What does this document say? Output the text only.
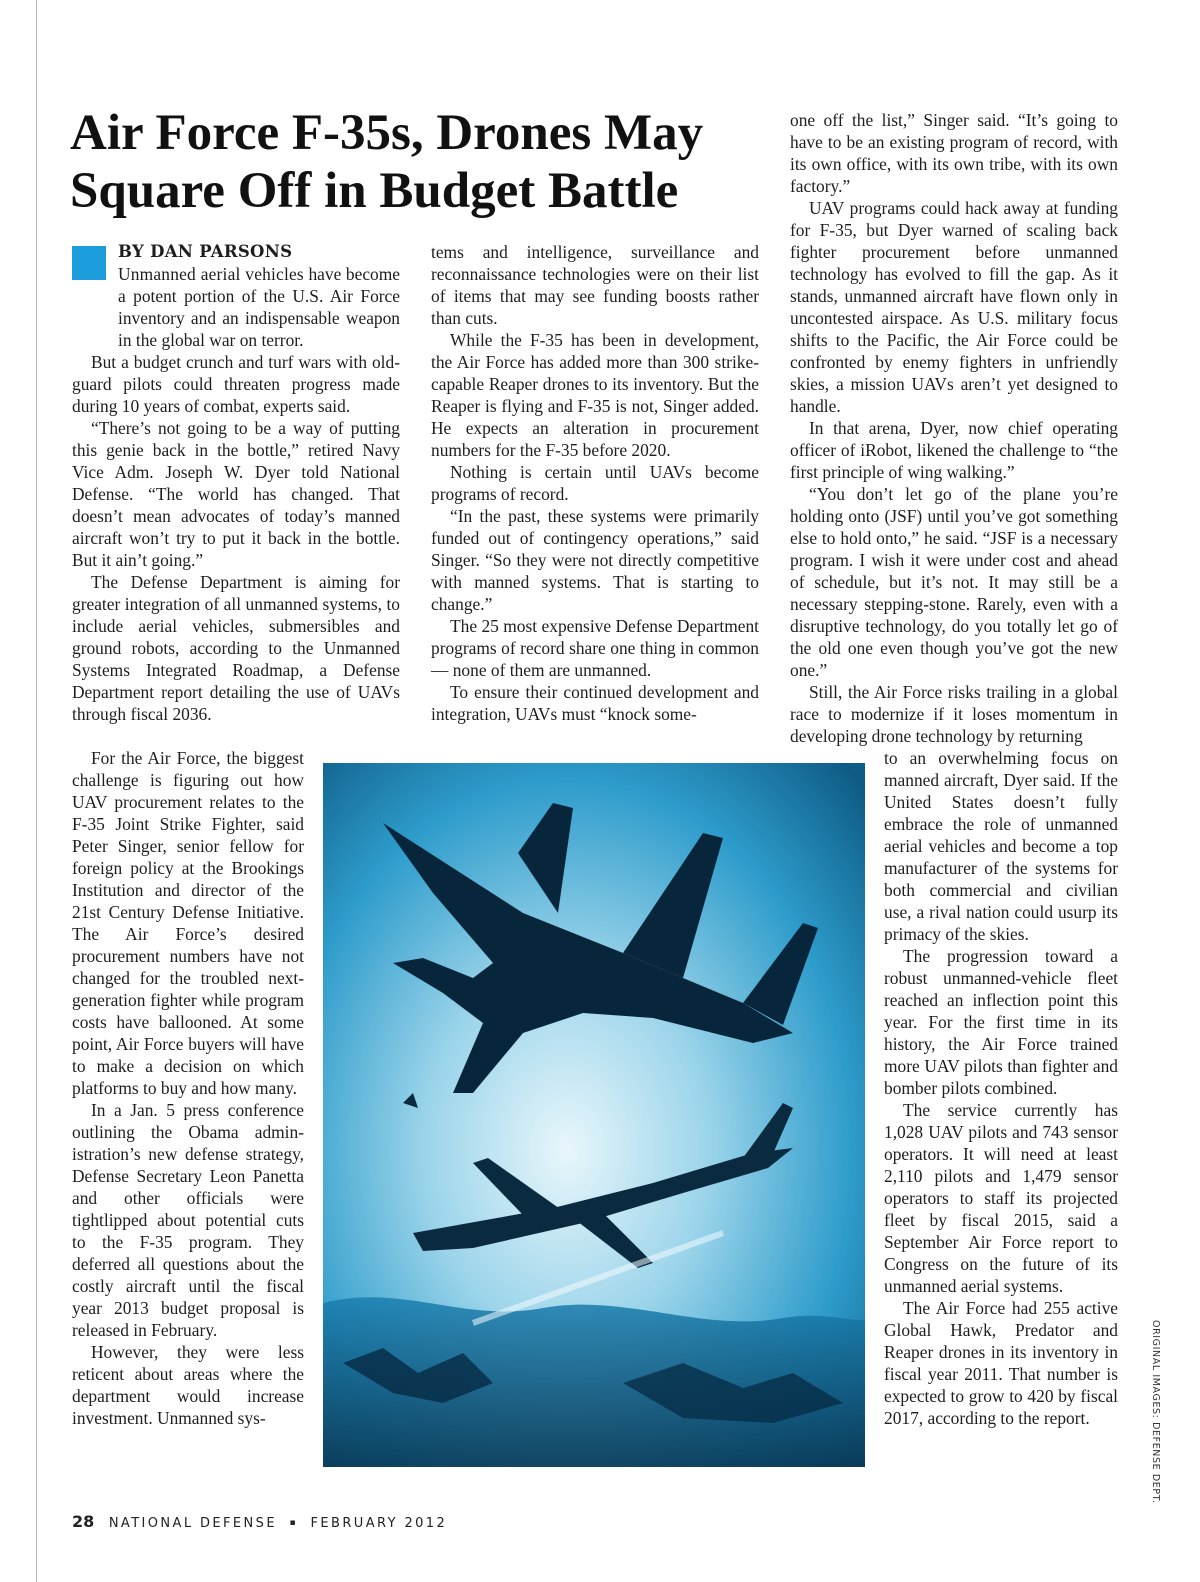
Air Force F-35s, Drones May
Square Off in Budget Battle
BY DAN PARSONS

Unmanned aerial vehicles have become a potent portion of the U.S. Air Force inventory and an indispensable weapon in the global war on terror.

But a budget crunch and turf wars with old-guard pilots could threaten progress made during 10 years of combat, experts said.

“There’s not going to be a way of putting this genie back in the bottle,” retired Navy Vice Adm. Joseph W. Dyer told National Defense. “The world has changed. That doesn’t mean advocates of today’s manned aircraft won’t try to put it back in the bottle. But it ain’t going.”

The Defense Department is aiming for greater integration of all unmanned systems, to include aerial vehicles, submersibles and ground robots, according to the Unmanned Systems Integrated Roadmap, a Defense Department report detailing the use of UAVs through fiscal 2036.

For the Air Force, the biggest challenge is figuring out how UAV procurement relates to the F-35 Joint Strike Fighter, said Peter Singer, senior fellow for foreign policy at the Brookings Institution and director of the 21st Century Defense Initiative. The Air Force’s desired procurement numbers have not changed for the troubled next-generation fighter while program costs have ballooned. At some point, Air Force buyers will have to make a decision on which platforms to buy and how many.

In a Jan. 5 press conference outlining the Obama administration’s new defense strategy, Defense Secretary Leon Panetta and other officials were tightlipped about potential cuts to the F-35 program. They deferred all questions about the costly aircraft until the fiscal year 2013 budget proposal is released in February.

However, they were less reticent about areas where the department would increase investment. Unmanned sys-

tems and intelligence, surveillance and reconnaissance technologies were on their list of items that may see funding boosts rather than cuts.

While the F-35 has been in development, the Air Force has added more than 300 strike-capable Reaper drones to its inventory. But the Reaper is flying and F-35 is not, Singer added. He expects an alteration in procurement numbers for the F-35 before 2020.

Nothing is certain until UAVs become programs of record.

“In the past, these systems were primarily funded out of contingency operations,” said Singer. “So they were not directly competitive with manned systems. That is starting to change.”

The 25 most expensive Defense Department programs of record share one thing in common — none of them are unmanned.

To ensure their continued development and integration, UAVs must “knock some-

one off the list,” Singer said. “It’s going to have to be an existing program of record, with its own office, with its own tribe, with its own factory.”

UAV programs could hack away at funding for F-35, but Dyer warned of scaling back fighter procurement before unmanned technology has evolved to fill the gap. As it stands, unmanned aircraft have flown only in uncontested airspace. As U.S. military focus shifts to the Pacific, the Air Force could be confronted by enemy fighters in unfriendly skies, a mission UAVs aren’t yet designed to handle.

In that arena, Dyer, now chief operating officer of iRobot, likened the challenge to “the first principle of wing walking.”

“You don’t let go of the plane you’re holding onto (JSF) until you’ve got something else to hold onto,” he said. “JSF is a necessary program. I wish it were under cost and ahead of schedule, but it’s not. It may still be a necessary stepping-stone. Rarely, even with a disruptive technology, do you totally let go of the old one even though you’ve got the new one.”

Still, the Air Force risks trailing in a global race to modernize if it loses momentum in developing drone technology by returning

to an overwhelming focus on manned aircraft, Dyer said. If the United States doesn’t fully embrace the role of unmanned aerial vehicles and become a top manufacturer of the systems for both commercial and civilian use, a rival nation could usurp its primacy of the skies.

The progression toward a robust unmanned-vehicle fleet reached an inflection point this year. For the first time in its history, the Air Force trained more UAV pilots than fighter and bomber pilots combined.

The service currently has 1,028 UAV pilots and 743 sensor operators. It will need at least 2,110 pilots and 1,479 sensor operators to staff its projected fleet by fiscal 2015, said a September Air Force report to Congress on the future of its unmanned aerial systems.

The Air Force had 255 active Global Hawk, Predator and Reaper drones in its inventory in fiscal year 2011. That number is expected to grow to 420 by fiscal 2017, according to the report.

28 NATIONAL DEFENSE ▪ FEBRUARY 2012
ORIGINAL IMAGES: DEFENSE DEPT.
